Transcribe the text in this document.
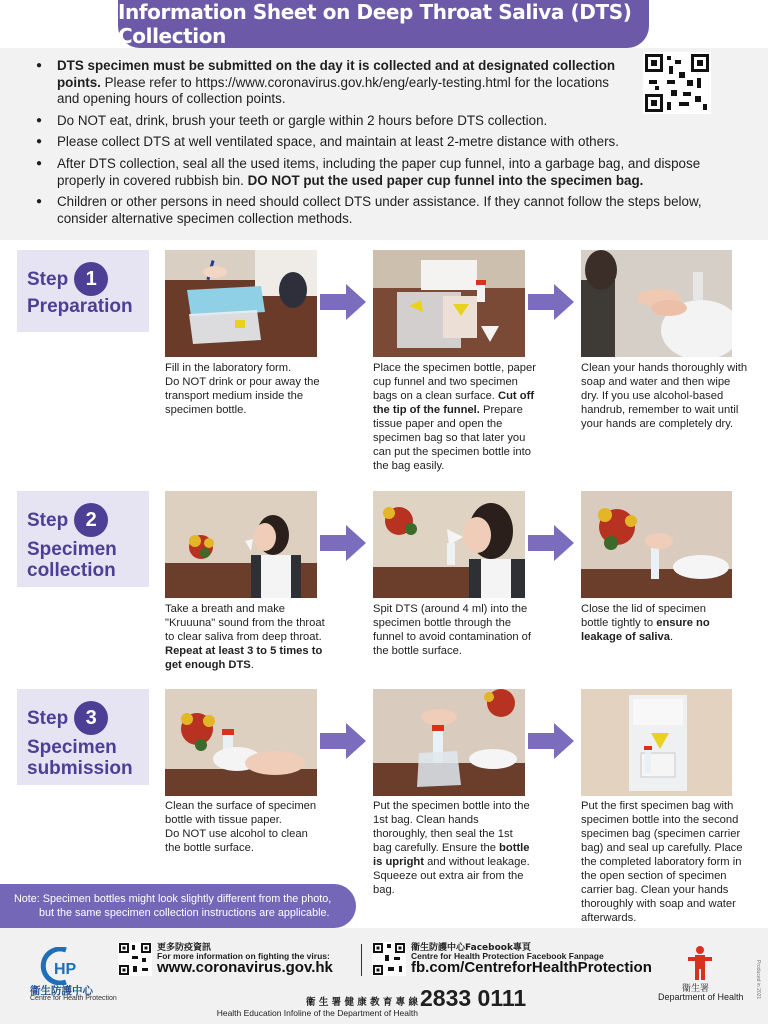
Information Sheet on Deep Throat Saliva (DTS) Collection
● DTS specimen must be submitted on the day it is collected and at designated collection points. Please refer to https://www.coronavirus.gov.hk/eng/early-testing.html for the locations and opening hours of collection points.
● Do NOT eat, drink, brush your teeth or gargle within 2 hours before DTS collection.
● Please collect DTS at well ventilated space, and maintain at least 2-metre distance with others.
● After DTS collection, seal all the used items, including the paper cup funnel, into a garbage bag, and dispose properly in covered rubbish bin. DO NOT put the used paper cup funnel into the specimen bag.
● Children or other persons in need should collect DTS under assistance. If they cannot follow the steps below, consider alternative specimen collection methods.
Step 1
Preparation
Fill in the laboratory form.
Do NOT drink or pour away the transport medium inside the specimen bottle.
Place the specimen bottle, paper cup funnel and two specimen bags on a clean surface. Cut off the tip of the funnel. Prepare tissue paper and open the specimen bag so that later you can put the specimen bottle into the bag easily.
Clean your hands thoroughly with soap and water and then wipe dry. If you use alcohol-based handrub, remember to wait until your hands are completely dry.
Step 2
Specimen
collection
Take a breath and make "Kruuuna" sound from the throat to clear saliva from deep throat. Repeat at least 3 to 5 times to get enough DTS.
Spit DTS (around 4 ml) into the specimen bottle through the funnel to avoid contamination of the bottle surface.
Close the lid of specimen bottle tightly to ensure no leakage of saliva.
Step 3
Specimen
submission
Clean the surface of specimen bottle with tissue paper.
Do NOT use alcohol to clean the bottle surface.
Put the specimen bottle into the 1st bag. Clean hands thoroughly, then seal the 1st bag carefully. Ensure the bottle is upright and without leakage. Squeeze out extra air from the bag.
Put the first specimen bag with specimen bottle into the second specimen bag (specimen carrier bag) and seal up carefully. Place the completed laboratory form in the open section of specimen carrier bag. Clean your hands thoroughly with soap and water afterwards.
Note: Specimen bottles might look slightly different from the photo,
but the same specimen collection instructions are applicable.
HP
衞生防護中心
Centre for Health Protection
更多防疫資訊
For more information on fighting the virus:
www.coronavirus.gov.hk
衞生防護中心Facebook專頁
Centre for Health Protection Facebook Fanpage
fb.com/CentreforHealthProtection
衞 生 署 健 康 教 育 專 線
Health Education Infoline of the Department of Health
2833 0111	衞生署
Department of Health Produced in 2021
